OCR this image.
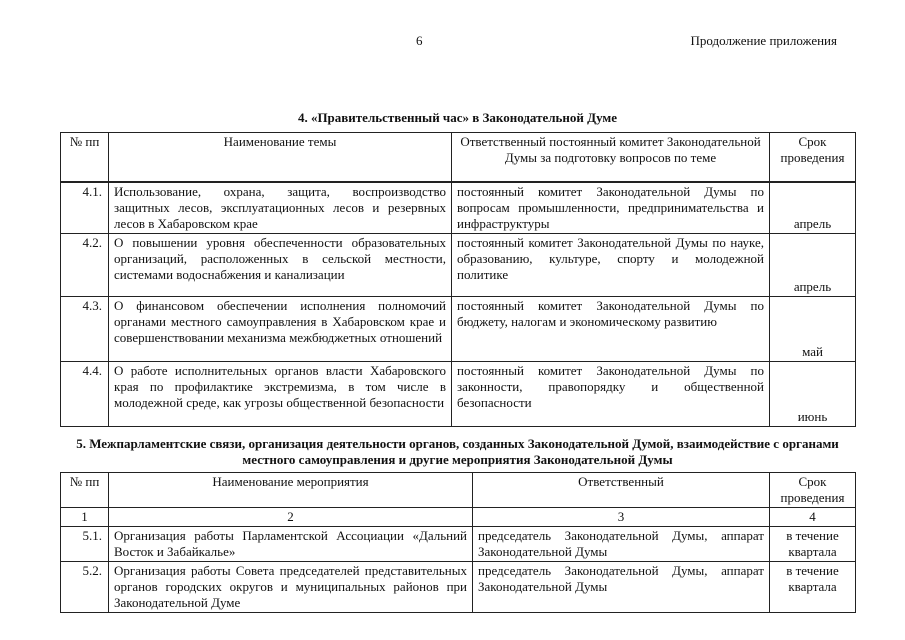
6	Продолжение приложения
4. «Правительственный час» в Законодательной Думе
№ пп	Наименование темы	Ответственный постоянный комитет Законодательной Думы за подготовку вопросов по теме	Срок проведения
4.1.	Использование, охрана, защита, воспроизводство защитных лесов, эксплуатационных лесов и резервных лесов в Хабаровском крае	постоянный комитет Законодательной Думы по вопросам промышленности, предпринимательства и инфраструктуры	апрель
4.2.	О повышении уровня обеспеченности образовательных организаций, расположенных в сельской местности, системами водоснабжения и канализации	постоянный комитет Законодательной Думы по науке, образованию, культуре, спорту и молодежной политике	апрель
4.3.	О финансовом обеспечении исполнения полномочий органами местного самоуправления в Хабаровском крае и совершенствовании механизма межбюджетных отношений	постоянный комитет Законодательной Думы по бюджету, налогам и экономическому развитию	май
4.4.	О работе исполнительных органов власти Хабаровского края по профилактике экстремизма, в том числе в молодежной среде, как угрозы общественной безопасности	постоянный комитет Законодательной Думы по законности, правопорядку и общественной безопасности	июнь
5. Межпарламентские связи, организация деятельности органов, созданных Законодательной Думой, взаимодействие с органами местного самоуправления и другие мероприятия Законодательной Думы
№ пп	Наименование мероприятия	Ответственный	Срок проведения
1	2	3	4
5.1.	Организация работы Парламентской Ассоциации «Дальний Восток и Забайкалье»	председатель Законодательной Думы, аппарат Законодательной Думы	в течение квартала
5.2.	Организация работы Совета председателей представительных органов городских округов и муниципальных районов при Законодательной Думе	председатель Законодательной Думы, аппарат Законодательной Думы	в течение квартала
